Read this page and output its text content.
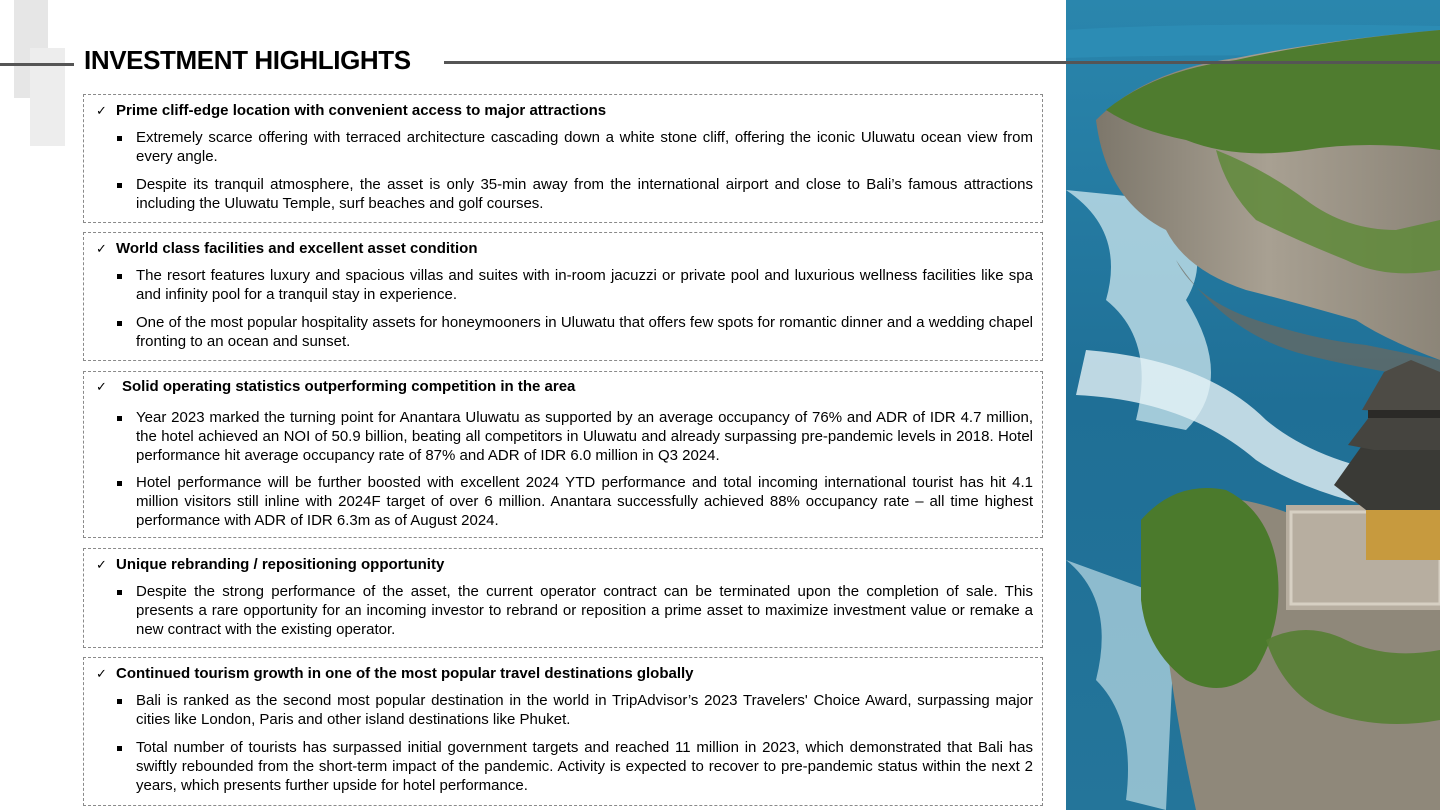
INVESTMENT HIGHLIGHTS
✓ Prime cliff-edge location with convenient access to major attractions
Extremely scarce offering with terraced architecture cascading down a white stone cliff, offering the iconic Uluwatu ocean view from every angle.
Despite its tranquil atmosphere, the asset is only 35-min away from the international airport and close to Bali’s famous attractions including the Uluwatu Temple, surf beaches and golf courses.
✓ World class facilities and excellent asset condition
The resort features luxury and spacious villas and suites with in-room jacuzzi or private pool and luxurious wellness facilities like spa and infinity pool for a tranquil stay in experience.
One of the most popular hospitality assets for honeymooners in Uluwatu that offers few spots for romantic dinner and a wedding chapel fronting to an ocean and sunset.
✓	Solid operating statistics outperforming competition in the area
Year 2023 marked the turning point for Anantara Uluwatu as supported by an average occupancy of 76% and ADR of IDR 4.7 million, the hotel achieved an NOI of 50.9 billion, beating all competitors in Uluwatu and already surpassing pre-pandemic levels in 2018. Hotel performance hit average occupancy rate of 87% and ADR of IDR 6.0 million in Q3 2024.
Hotel performance will be further boosted with excellent 2024 YTD performance and total incoming international tourist has hit 4.1 million visitors still inline with 2024F target of over 6 million. Anantara successfully achieved 88% occupancy rate – all time highest performance with ADR of IDR 6.3m as of August 2024.
✓ Unique rebranding / repositioning opportunity
Despite the strong performance of the asset, the current operator contract can be terminated upon the completion of sale. This presents a rare opportunity for an incoming investor to rebrand or reposition a prime asset to maximize investment value or remake a new contract with the existing operator.
✓ Continued tourism growth in one of the most popular travel destinations globally
Bali is ranked as the second most popular destination in the world in TripAdvisor’s 2023 Travelers' Choice Award, surpassing major cities like London, Paris and other island destinations like Phuket.
Total number of tourists has surpassed initial government targets and reached 11 million in 2023, which demonstrated that Bali has swiftly rebounded from the short-term impact of the pandemic. Activity is expected to recover to pre-pandemic status within the next 2 years, which presents further upside for hotel performance.
